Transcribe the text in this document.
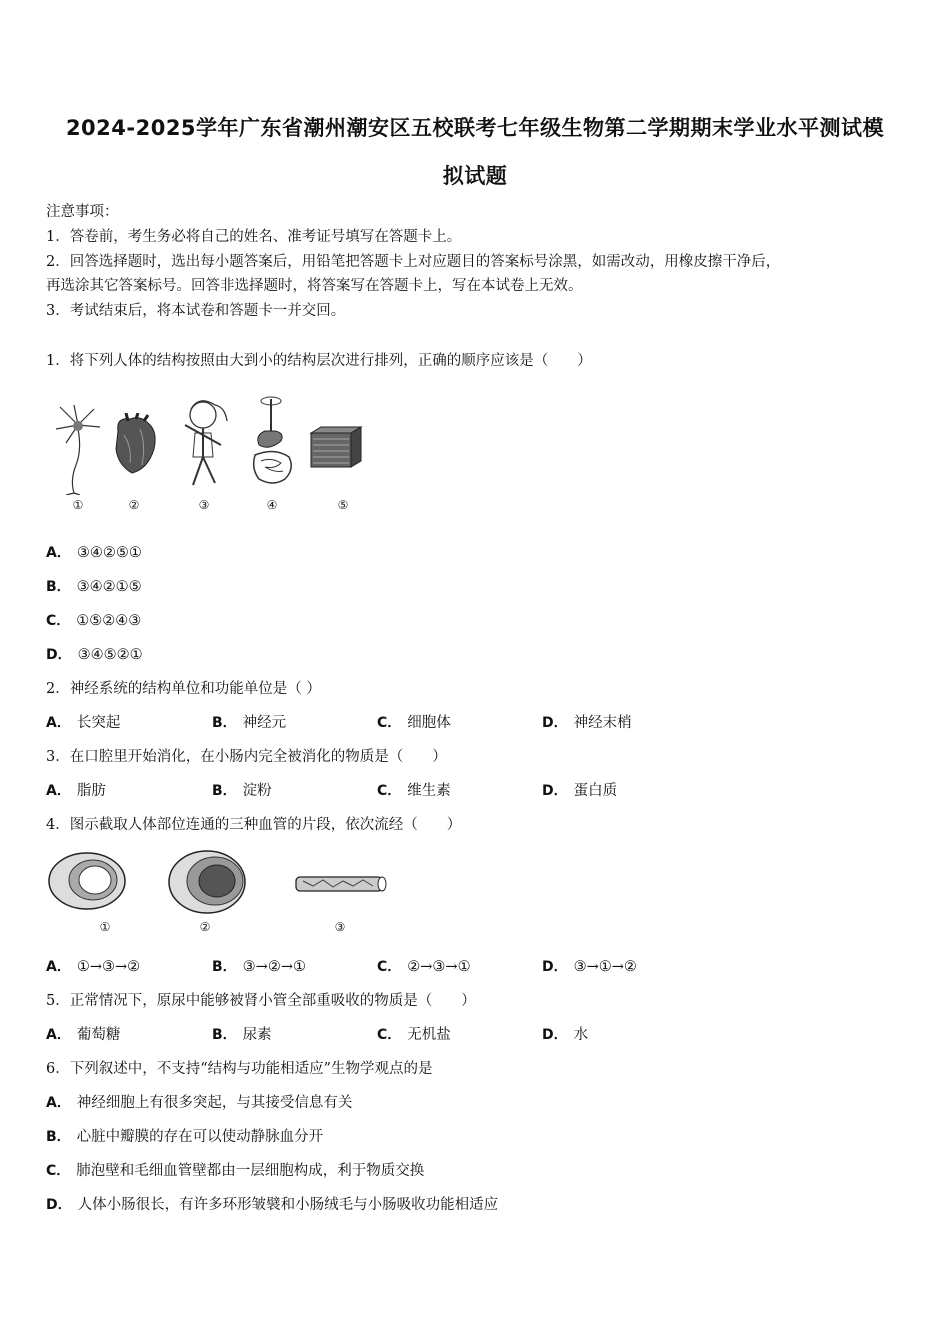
2024-2025学年广东省潮州潮安区五校联考七年级生物第二学期期末学业水平测试模
拟试题
注意事项：
1．答卷前，考生务必将自己的姓名、准考证号填写在答题卡上。
2．回答选择题时，选出每小题答案后，用铅笔把答题卡上对应题目的答案标号涂黑，如需改动，用橡皮擦干净后，
再选涂其它答案标号。回答非选择题时，将答案写在答题卡上，写在本试卷上无效。
3．考试结束后，将本试卷和答题卡一并交回。
1．将下列人体的结构按照由大到小的结构层次进行排列，正确的顺序应该是（　　）
①	②	③	④	⑤
A． ③④②⑤①
B． ③④②①⑤
C． ①⑤②④③
D． ③④⑤②①
2．神经系统的结构单位和功能单位是（ ）
A． 长突起	B． 神经元	C． 细胞体	D． 神经末梢
3．在口腔里开始消化，在小肠内完全被消化的物质是（　　）
A． 脂肪	B． 淀粉	C． 维生素	D． 蛋白质
4．图示截取人体部位连通的三种血管的片段，依次流经（　　）
①	②	③
A． ①→③→②	B． ③→②→①	C． ②→③→①	D． ③→①→②
5．正常情况下，原尿中能够被肾小管全部重吸收的物质是（　　）
A． 葡萄糖	B． 尿素	C． 无机盐	D． 水
6．下列叙述中，不支持“结构与功能相适应”生物学观点的是
A． 神经细胞上有很多突起，与其接受信息有关
B． 心脏中瓣膜的存在可以使动静脉血分开
C． 肺泡壁和毛细血管壁都由一层细胞构成，利于物质交换
D． 人体小肠很长，有许多环形皱襞和小肠绒毛与小肠吸收功能相适应
